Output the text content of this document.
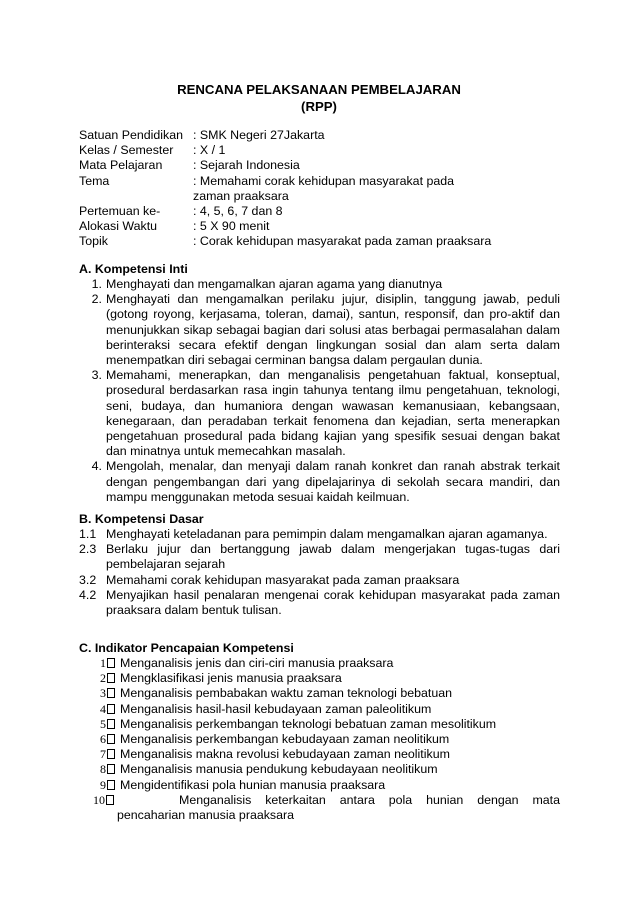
RENCANA PELAKSANAAN PEMBELAJARAN
(RPP)
Satuan Pendidikan : SMK Negeri 27Jakarta
Kelas / Semester	: X / 1
Mata Pelajaran	: Sejarah Indonesia
Tema	: Memahami corak kehidupan masyarakat pada zaman praaksara
Pertemuan ke-	: 4, 5, 6, 7 dan 8
Alokasi Waktu	: 5 X 90 menit
Topik	: Corak kehidupan masyarakat pada zaman praaksara
A. Kompetensi Inti
1. Menghayati dan mengamalkan ajaran agama yang dianutnya
2. Menghayati dan mengamalkan perilaku jujur, disiplin, tanggung jawab, peduli (gotong royong, kerjasama, toleran, damai), santun, responsif, dan pro-aktif dan menunjukkan sikap sebagai bagian dari solusi atas berbagai permasalahan dalam berinteraksi secara efektif dengan lingkungan sosial dan alam serta dalam menempatkan diri sebagai cerminan bangsa dalam pergaulan dunia.
3. Memahami, menerapkan, dan menganalisis pengetahuan faktual, konseptual, prosedural berdasarkan rasa ingin tahunya tentang ilmu pengetahuan, teknologi, seni, budaya, dan humaniora dengan wawasan kemanusiaan, kebangsaan, kenegaraan, dan peradaban terkait fenomena dan kejadian, serta menerapkan pengetahuan prosedural pada bidang kajian yang spesifik sesuai dengan bakat dan minatnya untuk memecahkan masalah.
4. Mengolah, menalar, dan menyaji dalam ranah konkret dan ranah abstrak terkait dengan pengembangan dari yang dipelajarinya di sekolah secara mandiri, dan mampu menggunakan metoda sesuai kaidah keilmuan.
B. Kompetensi Dasar
1.1 Menghayati keteladanan para pemimpin dalam mengamalkan ajaran agamanya.
2.3 Berlaku jujur dan bertanggung jawab dalam mengerjakan tugas-tugas dari pembelajaran sejarah
3.2 Memahami corak kehidupan masyarakat pada zaman praaksara
4.2 Menyajikan hasil penalaran mengenai corak kehidupan masyarakat pada zaman praaksara dalam bentuk tulisan.
C. Indikator Pencapaian Kompetensi
1	Menganalisis jenis dan ciri-ciri manusia praaksara
2	Mengklasifikasi jenis manusia praaksara
3	Menganalisis pembabakan waktu zaman teknologi bebatuan
4	Menganalisis hasil-hasil kebudayaan zaman paleolitikum
5	Menganalisis perkembangan teknologi bebatuan zaman mesolitikum
6	Menganalisis perkembangan kebudayaan zaman neolitikum
7	Menganalisis makna revolusi kebudayaan zaman neolitikum
8	Menganalisis manusia pendukung kebudayaan neolitikum
9	Mengidentifikasi pola hunian manusia praaksara
10	Menganalisis keterkaitan antara pola hunian dengan mata pencaharian manusia praaksara
